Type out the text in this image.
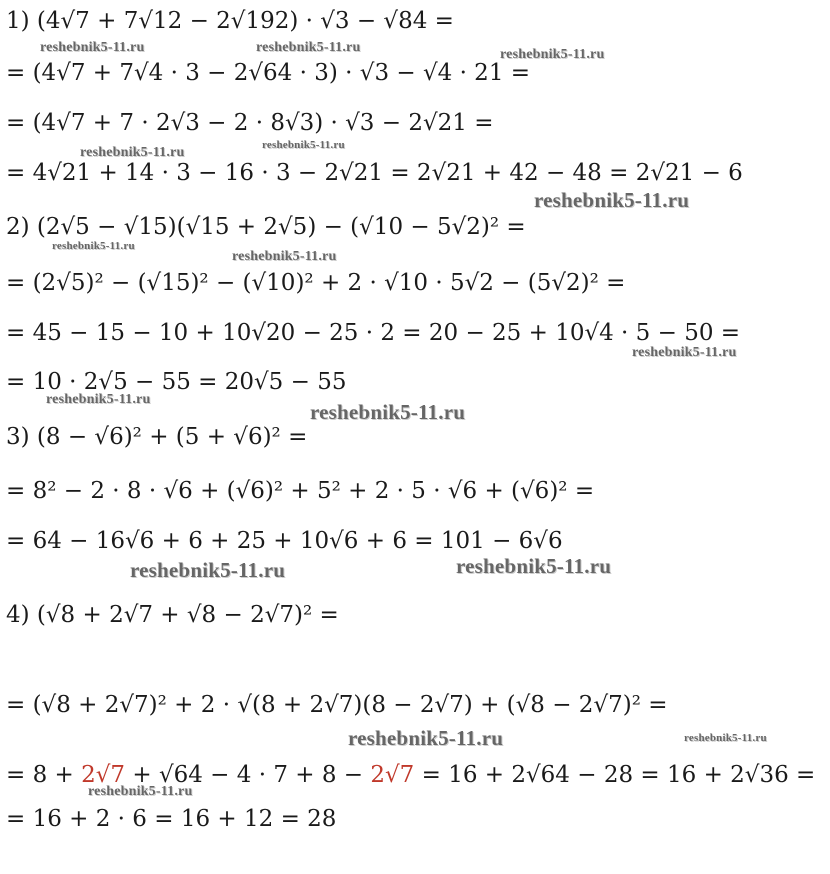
1) (4√7 + 7√12 − 2√192) · √3 − √84 =
= (4√7 + 7√4 · 3 − 2√64 · 3) · √3 − √4 · 21 =
= (4√7 + 7 · 2√3 − 2 · 8√3) · √3 − 2√21 =
= 4√21 + 14 · 3 − 16 · 3 − 2√21 = 2√21 + 42 − 48 = 2√21 − 6
2) (2√5 − √15)(√15 + 2√5) − (√10 − 5√2)² =
= (2√5)² − (√15)² − (√10)² + 2 · √10 · 5√2 − (5√2)² =
= 45 − 15 − 10 + 10√20 − 25 · 2 = 20 − 25 + 10√4 · 5 − 50 =
= 10 · 2√5 − 55 = 20√5 − 55
3) (8 − √6)² + (5 + √6)² =
= 8² − 2 · 8 · √6 + (√6)² + 5² + 2 · 5 · √6 + (√6)² =
= 64 − 16√6 + 6 + 25 + 10√6 + 6 = 101 − 6√6
4) (√8 + 2√7 + √8 − 2√7)² =
= (√8 + 2√7)² + 2 · √(8 + 2√7)(8 − 2√7) + (√8 − 2√7)² =
= 8 + 2√7 + √64 − 4 · 7 + 8 − 2√7 = 16 + 2√64 − 28 = 16 + 2√36 =
= 16 + 2 · 6 = 16 + 12 = 28
reshebnik5-11.ru	reshebnik5-11.ru	reshebnik5-11.ru
reshebnik5-11.ru	reshebnik5-11.ru
reshebnik5-11.ru
reshebnik5-11.ru
reshebnik5-11.ru
reshebnik5-11.ru
reshebnik5-11.ru
reshebnik5-11.ru
reshebnik5-11.ru	reshebnik5-11.ru
reshebnik5-11.ru	reshebnik5-11.ru
reshebnik5-11.ru
